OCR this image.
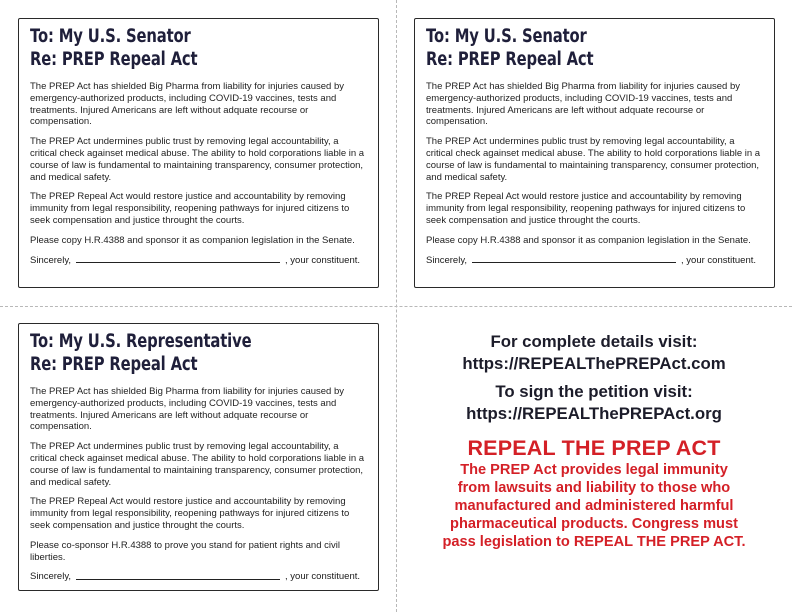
To: My U.S. Senator
Re: PREP Repeal Act

The PREP Act has shielded Big Pharma from liability for injuries caused by emergency-authorized products, including COVID-19 vaccines, tests and treatments. Injured Americans are left without adquate recourse or compensation.

The PREP Act undermines public trust by removing legal accountability, a critical check againset medical abuse. The ability to hold corporations liable in a course of law is fundamental to maintaining transparency, consumer protection, and medical safety.

The PREP Repeal Act would restore justice and accountability by removing immunity from legal responsibility, reopening pathways for injured citizens to seek compensation and justice throught the courts.

Please copy H.R.4388 and sponsor it as companion legislation in the Senate.

Sincerely,	, your constituent.
To: My U.S. Senator
Re: PREP Repeal Act

The PREP Act has shielded Big Pharma from liability for injuries caused by emergency-authorized products, including COVID-19 vaccines, tests and treatments. Injured Americans are left without adquate recourse or compensation.

The PREP Act undermines public trust by removing legal accountability, a critical check againset medical abuse. The ability to hold corporations liable in a course of law is fundamental to maintaining transparency, consumer protection, and medical safety.

The PREP Repeal Act would restore justice and accountability by removing immunity from legal responsibility, reopening pathways for injured citizens to seek compensation and justice throught the courts.

Please copy H.R.4388 and sponsor it as companion legislation in the Senate.

Sincerely,	, your constituent.
To: My U.S. Representative
Re: PREP Repeal Act

The PREP Act has shielded Big Pharma from liability for injuries caused by emergency-authorized products, including COVID-19 vaccines, tests and treatments. Injured Americans are left without adquate recourse or compensation.

The PREP Act undermines public trust by removing legal accountability, a critical check againset medical abuse. The ability to hold corporations liable in a course of law is fundamental to maintaining transparency, consumer protection, and medical safety.

The PREP Repeal Act would restore justice and accountability by removing immunity from legal responsibility, reopening pathways for injured citizens to seek compensation and justice throught the courts.

Please co-sponsor H.R.4388 to prove you stand for patient rights and civil liberties.

Sincerely,	, your constituent.
For complete details visit:
https://REPEALThePREPAct.com
To sign the petition visit:
https://REPEALThePREPAct.org
REPEAL THE PREP ACT
The PREP Act provides legal immunity
from lawsuits and liability to those who
manufactured and administered harmful
pharmaceutical products. Congress must
pass legislation to REPEAL THE PREP ACT.
